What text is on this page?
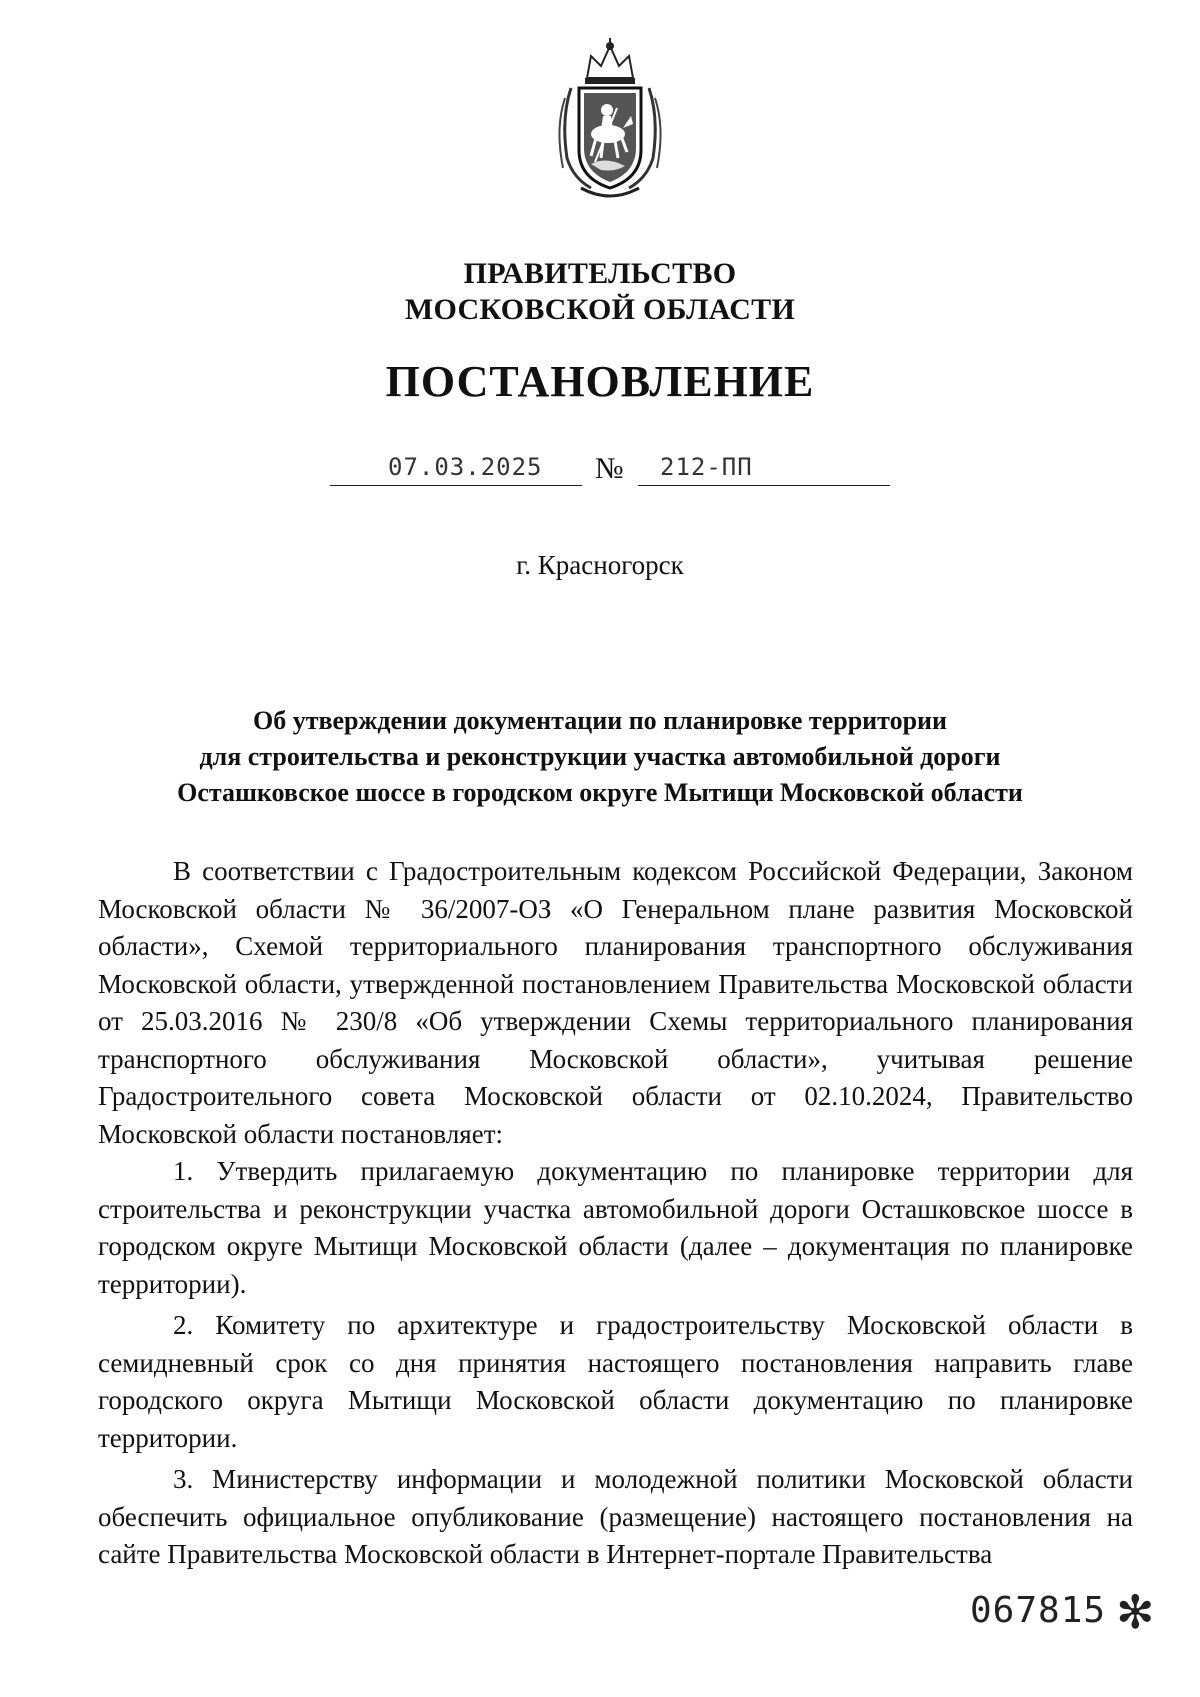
ПРАВИТЕЛЬСТВО
МОСКОВСКОЙ ОБЛАСТИ
ПОСТАНОВЛЕНИЕ
07.03.2025 № 212-ПП
г. Красногорск
Об утверждении документации по планировке территории
для строительства и реконструкции участка автомобильной дороги
Осташковское шоссе в городском округе Мытищи Московской области

В соответствии с Градостроительным кодексом Российской Федерации, Законом Московской области № 36/2007-ОЗ «О Генеральном плане развития Московской области», Схемой территориального планирования транспортного обслуживания Московской области, утвержденной постановлением Правительства Московской области от 25.03.2016 № 230/8 «Об утверждении Схемы территориального планирования транспортного обслуживания Московской области», учитывая решение Градостроительного совета Московской области от 02.10.2024, Правительство Московской области постановляет:

1. Утвердить прилагаемую документацию по планировке территории для строительства и реконструкции участка автомобильной дороги Осташковское шоссе в городском округе Мытищи Московской области (далее – документация по планировке территории).

2. Комитету по архитектуре и градостроительству Московской области в семидневный срок со дня принятия настоящего постановления направить главе городского округа Мытищи Московской области документацию по планировке территории.

3. Министерству информации и молодежной политики Московской области обеспечить официальное опубликование (размещение) настоящего постановления на сайте Правительства Московской области в Интернет-портале Правительства

067815 ✻
